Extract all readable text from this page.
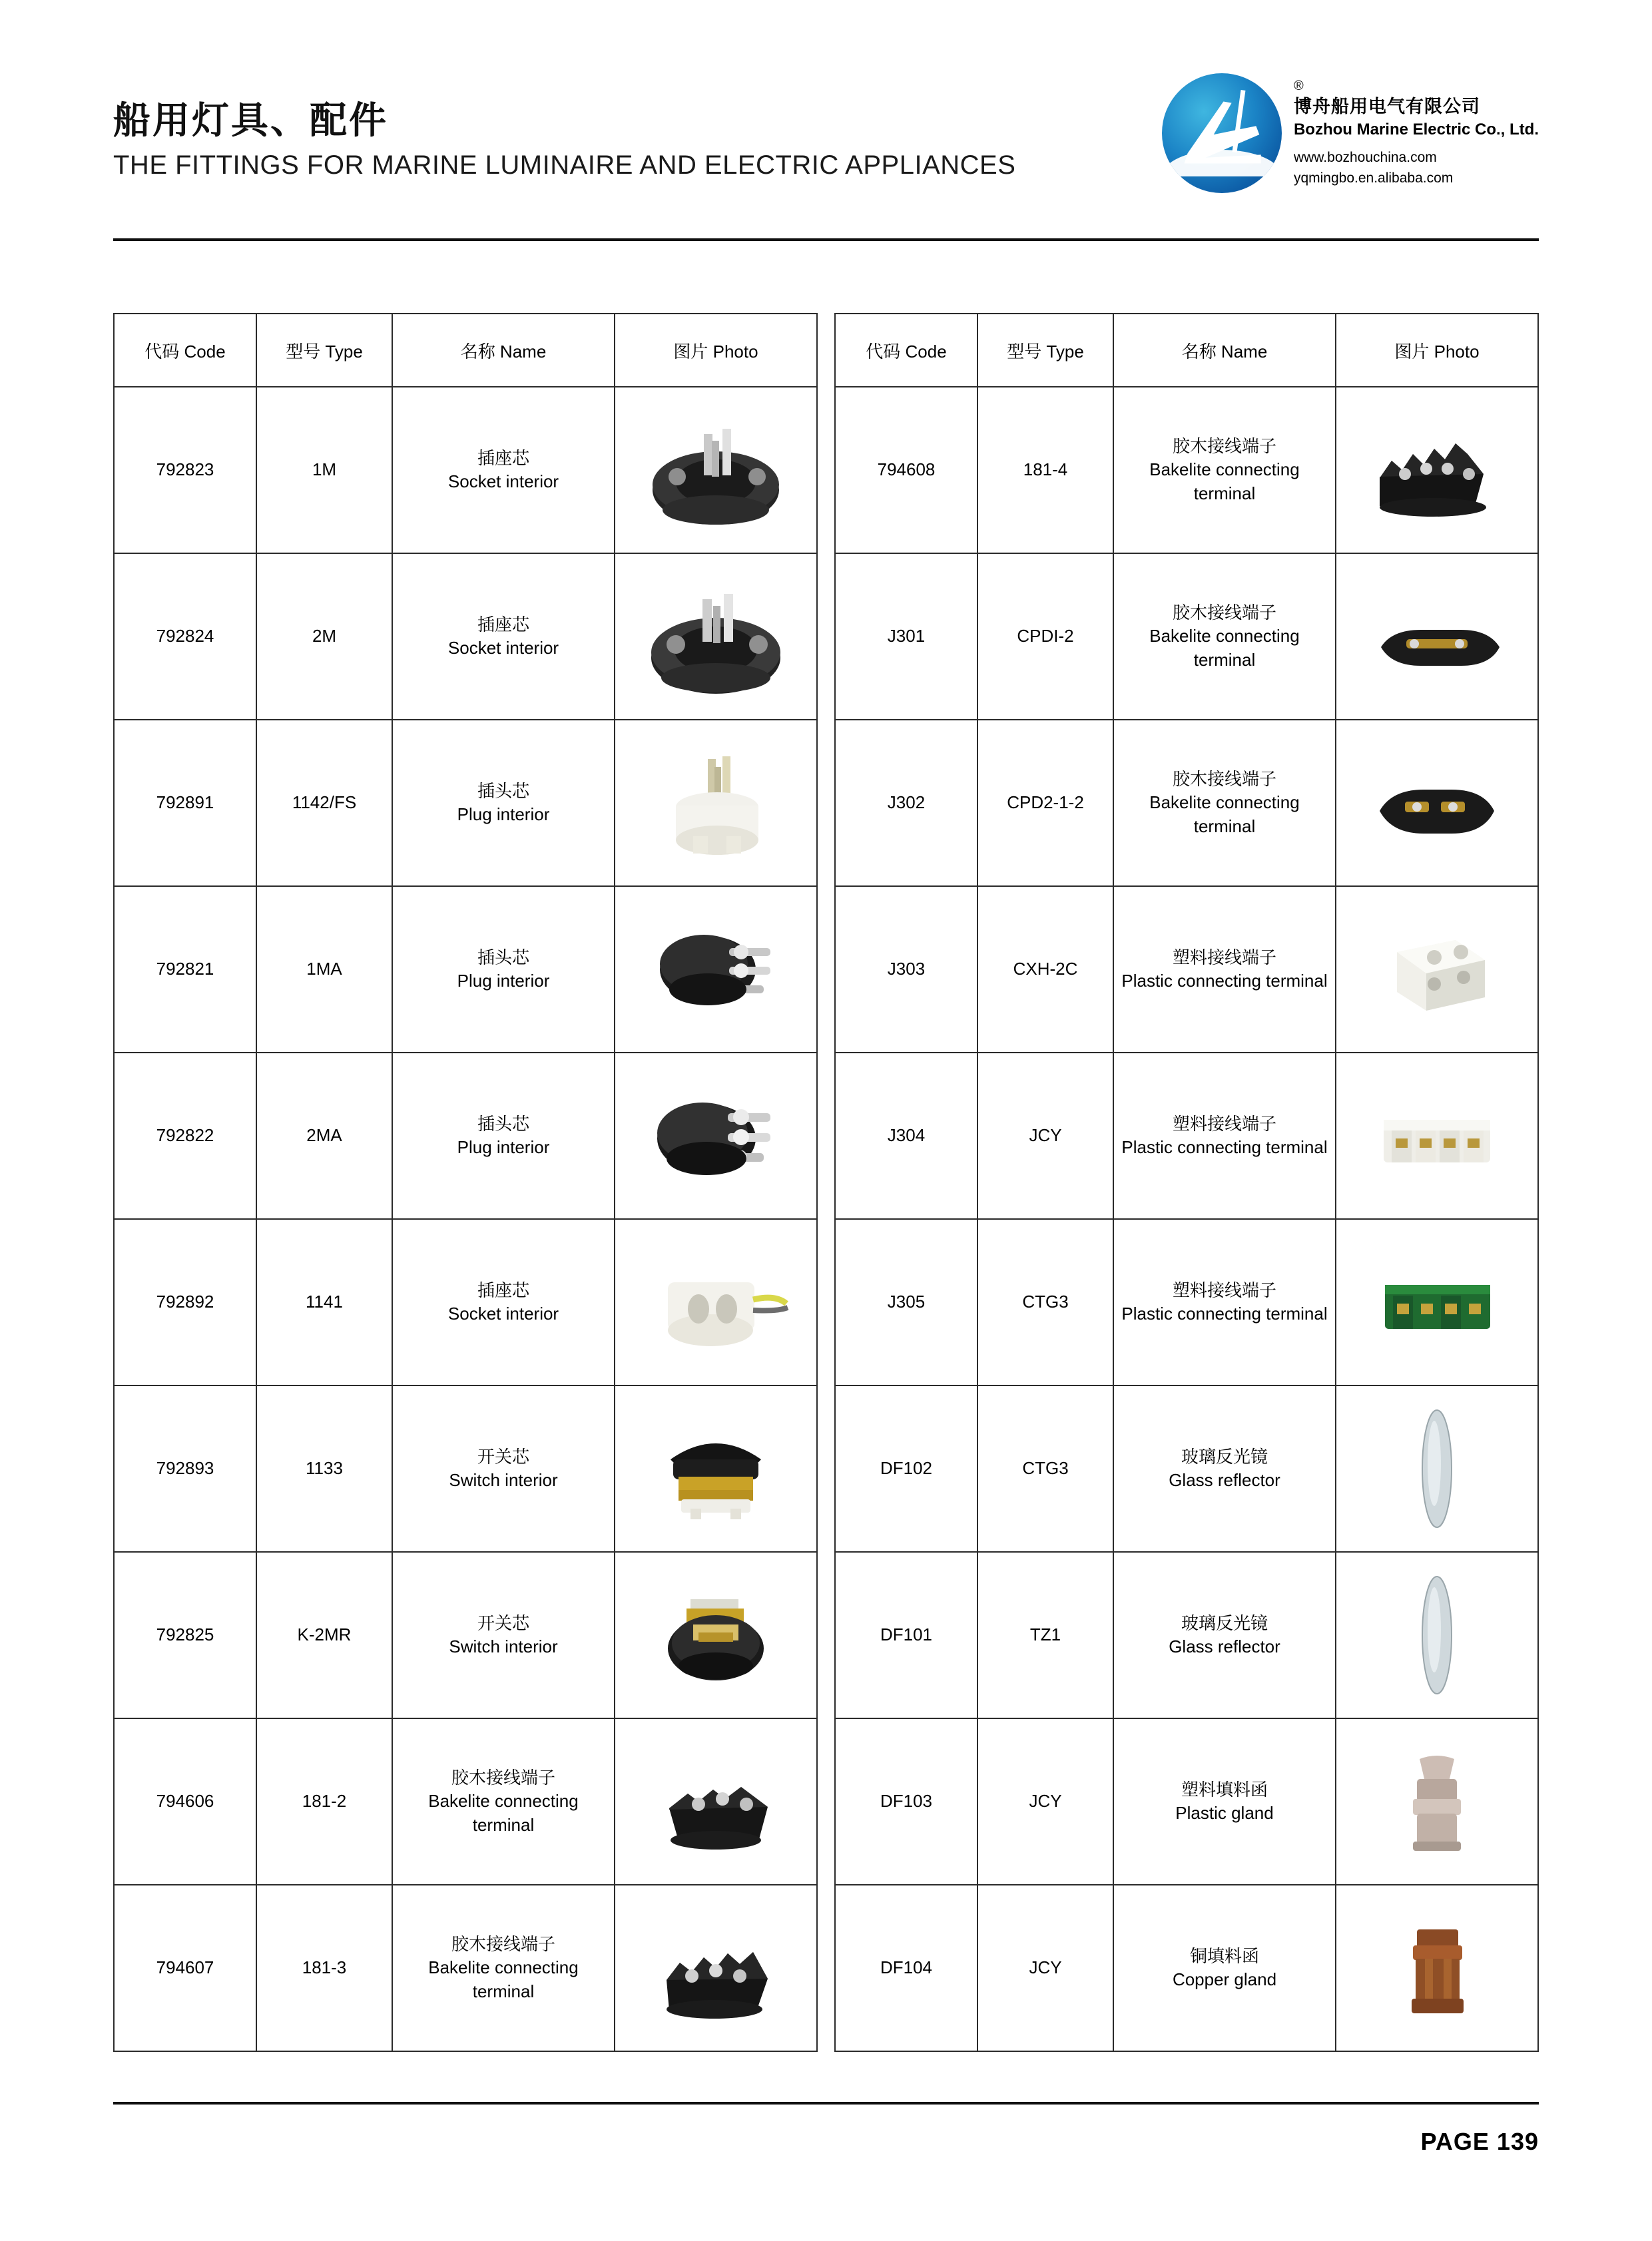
船用灯具、配件
THE FITTINGS FOR MARINE LUMINAIRE AND ELECTRIC APPLIANCES
®
博舟船用电气有限公司
Bozhou Marine Electric Co., Ltd.
www.bozhouchina.com
yqmingbo.en.alibaba.com
代码 Code	型号 Type	名称 Name	图片 Photo
792823	1M	插座芯
Socket interior

792824	2M	插座芯
Socket interior

792891	1142/FS	插头芯
Plug interior

792821	1MA	插头芯
Plug interior

792822	2MA	插头芯
Plug interior

792892	1141	插座芯
Socket interior

792893	1133	开关芯
Switch interior

792825	K-2MR	开关芯
Switch interior

794606	181-2	胶木接线端子
Bakelite connecting terminal

794607	181-3	胶木接线端子
Bakelite connecting terminal

代码 Code	型号 Type	名称 Name	图片 Photo
794608	181-4	胶木接线端子
Bakelite connecting terminal

J301	CPDI-2	胶木接线端子
Bakelite connecting terminal

J302	CPD2-1-2	胶木接线端子
Bakelite connecting terminal

J303	CXH-2C	塑料接线端子
Plastic connecting terminal

J304	JCY	塑料接线端子
Plastic connecting terminal

J305	CTG3	塑料接线端子
Plastic connecting terminal

DF102	CTG3	玻璃反光镜
Glass reflector

DF101	TZ1	玻璃反光镜
Glass reflector

DF103	JCY	塑料填料函
Plastic gland

DF104	JCY	铜填料函
Copper gland

PAGE 139
